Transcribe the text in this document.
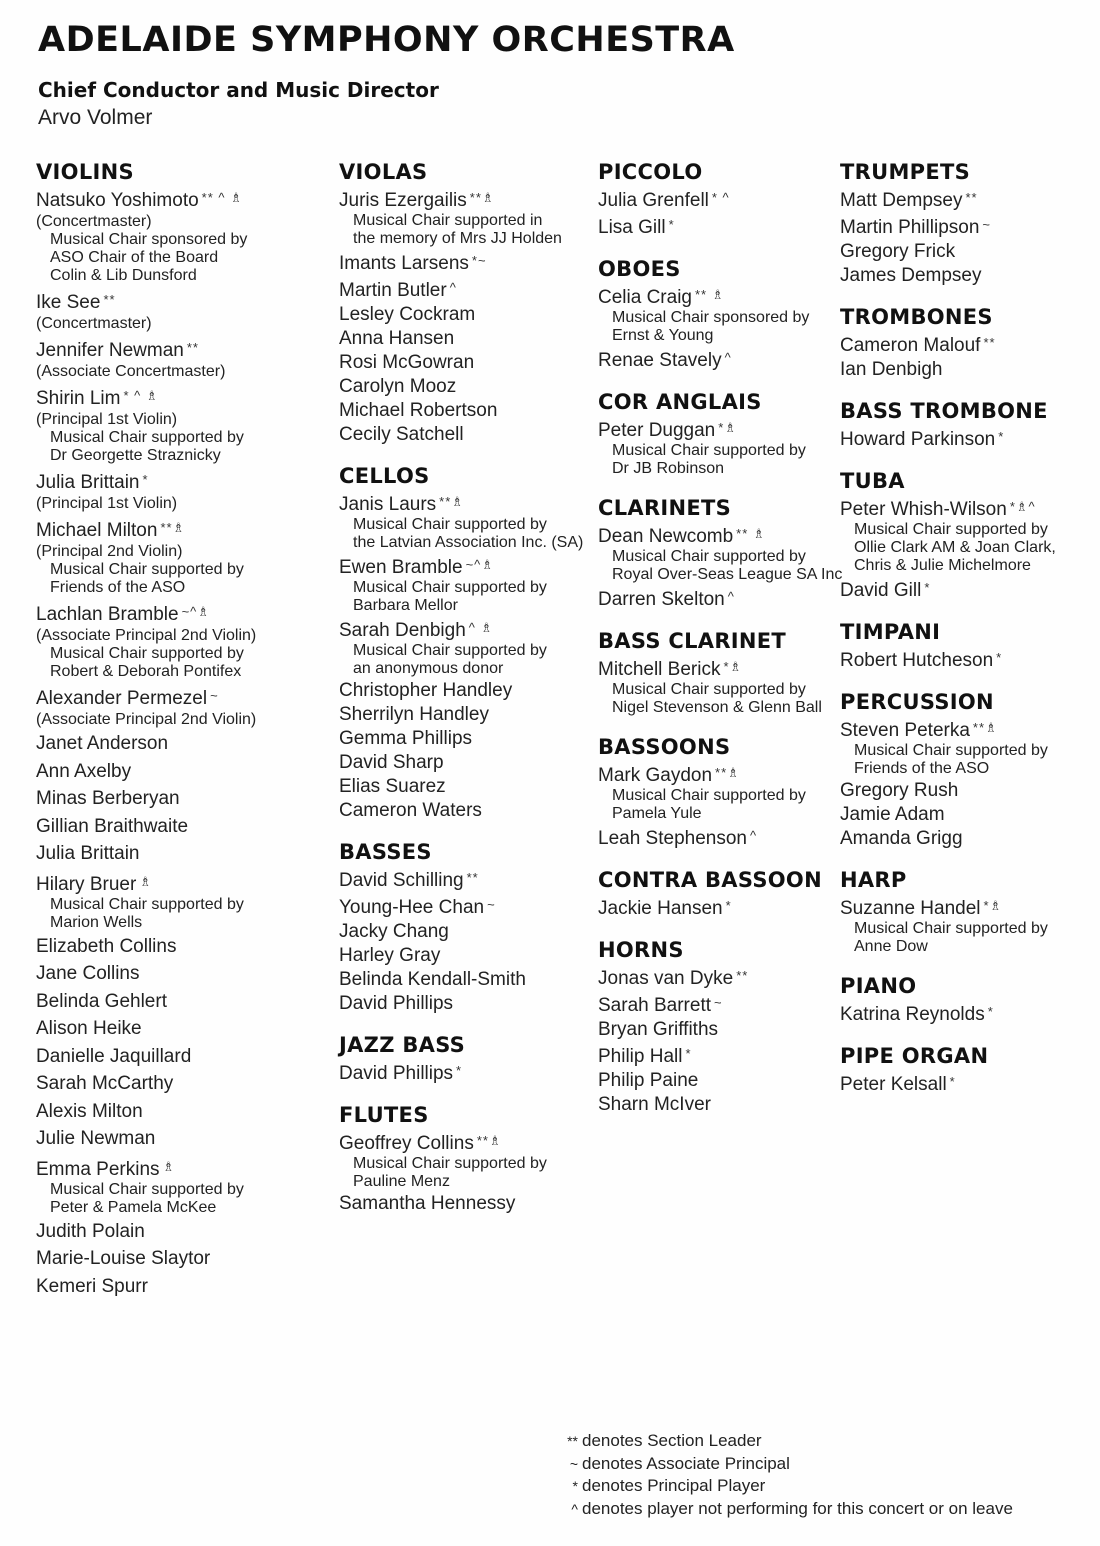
ADELAIDE SYMPHONY ORCHESTRA
Chief Conductor and Music Director
Arvo Volmer
VIOLINS
Natsuko Yoshimoto ** ^ ♗
(Concertmaster)
Musical Chair sponsored by
ASO Chair of the Board
Colin & Lib Dunsford
Ike See **
(Concertmaster)
Jennifer Newman **
(Associate Concertmaster)
Shirin Lim * ^ ♗
(Principal 1st Violin)
Musical Chair supported by
Dr Georgette Straznicky
Julia Brittain *
(Principal 1st Violin)
Michael Milton **♗
(Principal 2nd Violin)
Musical Chair supported by
Friends of the ASO
Lachlan Bramble ~^♗
(Associate Principal 2nd Violin)
Musical Chair supported by
Robert & Deborah Pontifex
Alexander Permezel ~
(Associate Principal 2nd Violin)
Janet Anderson
Ann Axelby
Minas Berberyan
Gillian Braithwaite
Julia Brittain
Hilary Bruer ♗
Musical Chair supported by
Marion Wells
Elizabeth Collins
Jane Collins
Belinda Gehlert
Alison Heike
Danielle Jaquillard
Sarah McCarthy
Alexis Milton
Julie Newman
Emma Perkins ♗
Musical Chair supported by
Peter & Pamela McKee
Judith Polain
Marie-Louise Slaytor
Kemeri Spurr
VIOLAS
Juris Ezergailis **♗
Musical Chair supported in
the memory of Mrs JJ Holden
Imants Larsens *~
Martin Butler ^
Lesley Cockram
Anna Hansen
Rosi McGowran
Carolyn Mooz
Michael Robertson
Cecily Satchell
CELLOS
Janis Laurs **♗
Musical Chair supported by
the Latvian Association Inc. (SA)
Ewen Bramble ~^♗
Musical Chair supported by
Barbara Mellor
Sarah Denbigh ^ ♗
Musical Chair supported by
an anonymous donor
Christopher Handley
Sherrilyn Handley
Gemma Phillips
David Sharp
Elias Suarez
Cameron Waters
BASSES
David Schilling **
Young-Hee Chan ~
Jacky Chang
Harley Gray
Belinda Kendall-Smith
David Phillips
JAZZ BASS
David Phillips *
FLUTES
Geoffrey Collins **♗
Musical Chair supported by
Pauline Menz
Samantha Hennessy
PICCOLO
Julia Grenfell * ^
Lisa Gill *
OBOES
Celia Craig ** ♗
Musical Chair sponsored by
Ernst & Young
Renae Stavely ^
COR ANGLAIS
Peter Duggan *♗
Musical Chair supported by
Dr JB Robinson
CLARINETS
Dean Newcomb ** ♗
Musical Chair supported by
Royal Over-Seas League SA Inc
Darren Skelton ^
BASS CLARINET
Mitchell Berick *♗
Musical Chair supported by
Nigel Stevenson & Glenn Ball
BASSOONS
Mark Gaydon **♗
Musical Chair supported by
Pamela Yule
Leah Stephenson ^
CONTRA BASSOON
Jackie Hansen *
HORNS
Jonas van Dyke **
Sarah Barrett ~
Bryan Griffiths
Philip Hall *
Philip Paine
Sharn McIver
TRUMPETS
Matt Dempsey **
Martin Phillipson ~
Gregory Frick
James Dempsey
TROMBONES
Cameron Malouf **
Ian Denbigh
BASS TROMBONE
Howard Parkinson *
TUBA
Peter Whish-Wilson *♗^
Musical Chair supported by
Ollie Clark AM & Joan Clark,
Chris & Julie Michelmore
David Gill *
TIMPANI
Robert Hutcheson *
PERCUSSION
Steven Peterka **♗
Musical Chair supported by
Friends of the ASO
Gregory Rush
Jamie Adam
Amanda Grigg
HARP
Suzanne Handel *♗
Musical Chair supported by
Anne Dow
PIANO
Katrina Reynolds *
PIPE ORGAN
Peter Kelsall *
** denotes Section Leader
~ denotes Associate Principal
* denotes Principal Player
^ denotes player not performing for this concert or on leave
